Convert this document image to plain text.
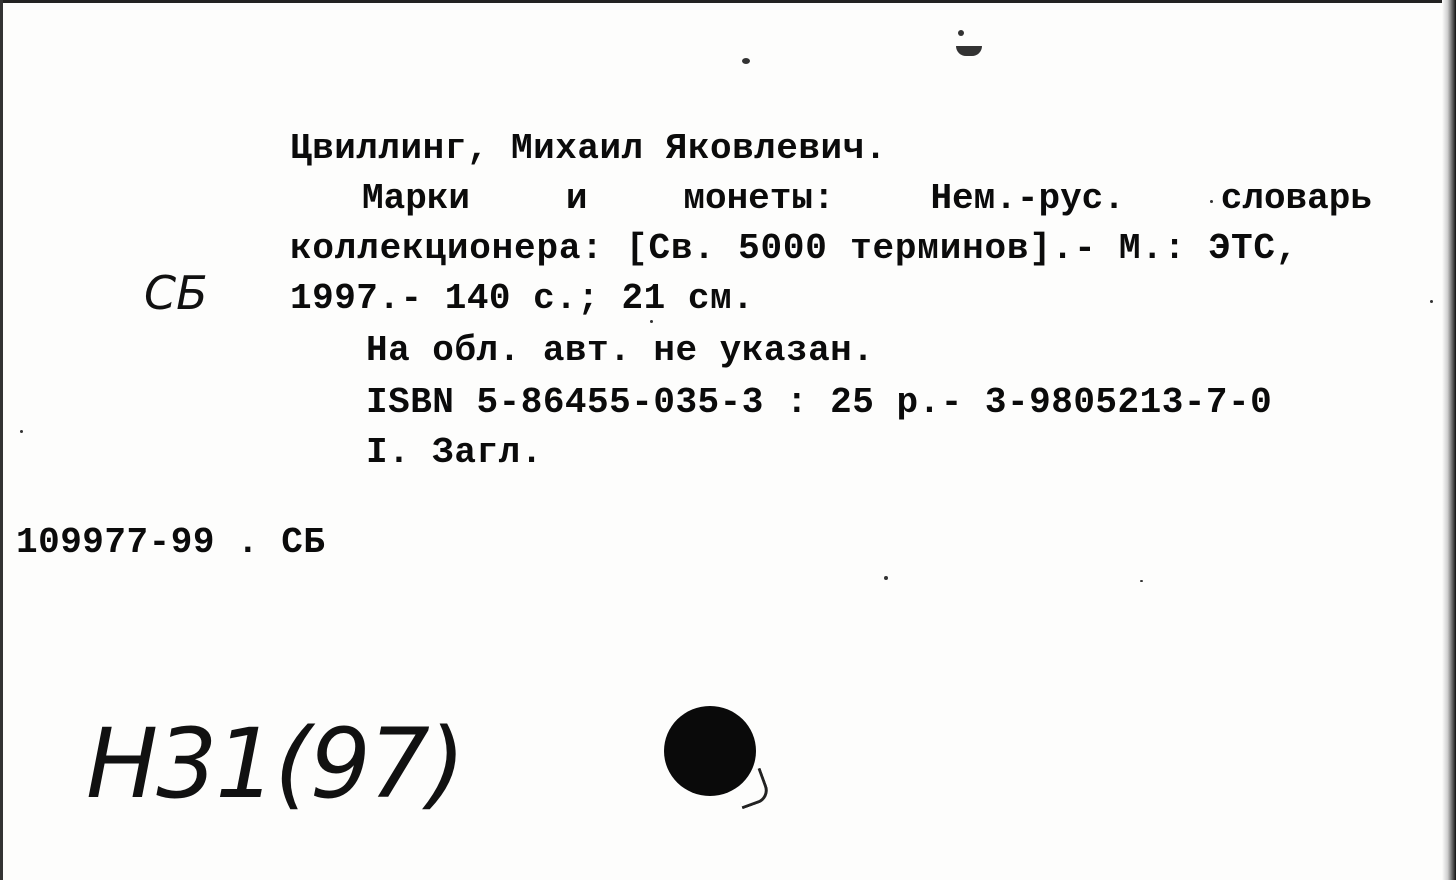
Цвиллинг, Михаил Яковлевич.
Марки	и	монеты:	Нем.-рус.	словарь
коллекционера: [Св. 5000 терминов].- М.: ЭТС,
1997.- 140 с.; 21 см.
На обл. авт. не указан.
ISBN 5-86455-035-3 : 25 р.- 3-9805213-7-0
I. Загл.
СБ
109977-99 . СБ
Н31(97)
